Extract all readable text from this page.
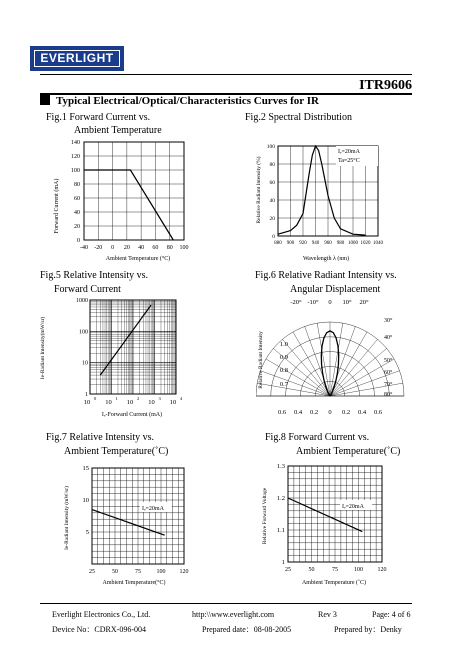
EVERLIGHT
ITR9606
Typical Electrical/Optical/Characteristics Curves for IR
Fig.1 Forward Current vs.
Ambient Temperature
140
120
100
80
60
40
20
0
-40 -20 0 20 40 60 80 100
Forward Current (mA)
Ambient Temperature (°C)
Fig.2 Spectral Distribution
100
80
60
40
20
0
880 900 920 940 960 980 1000 1020 1040
Iₑ=20mA
Ta=25°C
Relative Radiant Intensity (%)
Wavelength λ (nm)
Fig.5 Relative Intensity vs.
Forward Current
1000
100
10
1
10
0
10
1
10
2
10
3
10
4
Ie-Radiant Intensity(mW/sr)
Iₑ-Forward Current (mA)
Fig.6 Relative Radiant Intensity vs.
Angular Displacement
-20° -10° 0 10° 20°
30°
40°
50°
60°
70°
80°
1.0
0.9
0.8
0.7
0.6 0.4 0.2 0 0.2 0.4 0.6
Relative Radiant Intensity
Fig.7 Relative Intensity vs.
Ambient Temperature(˚C)
15
10
5
25	50	75	100 120
Iₑ=20mA
Ie-Radiant Intensity (mW/sr)
Ambient Temperature(°C)
Fig.8 Forward Current vs.
Ambient Temperature(˚C)
1.3
1.2
1.1
1
25	50	75	100 120
Iₑ=20mA
Relative Forward Voltage
Ambient Temperature (˚C)
Everlight Electronics Co., Ltd.	http:\\www.everlight.com	Rev 3	Page: 4 of 6
Device No：CDRX-096-004	Prepared date：08-08-2005	Prepared by：Denky
